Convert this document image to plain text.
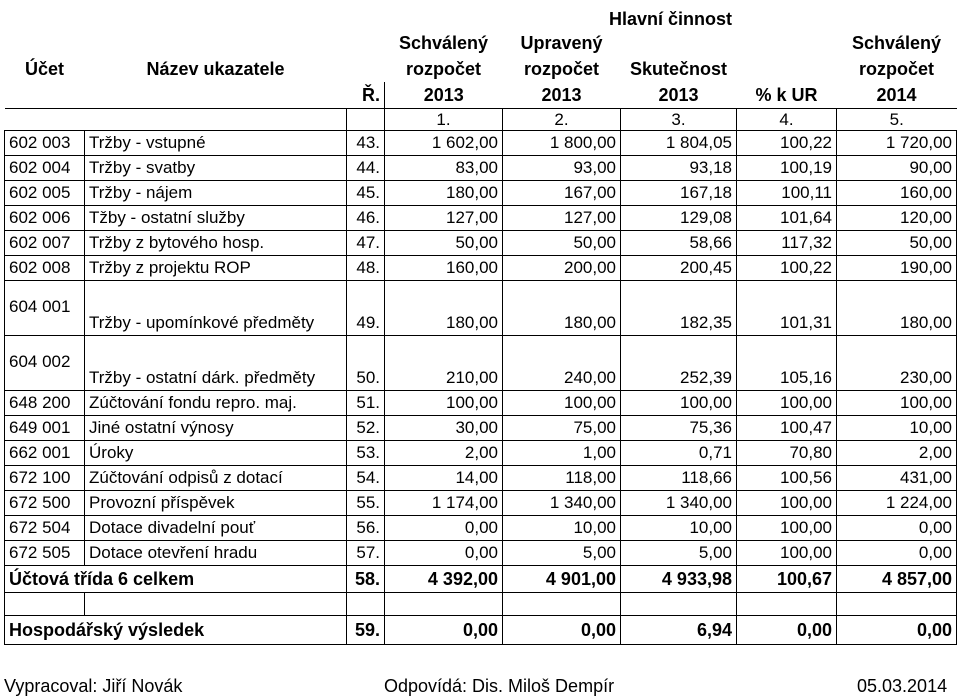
			Hlavní činnost				
Účet	Název ukazatele		Schválený	Upravený			Schválený
			rozpočet	rozpočet	Skutečnost		rozpočet
		Ř.	2013	2013	2013	% k UR	2014
			1.	2.	3.	4.	5.
602 003	Tržby - vstupné	43.	1 602,00	1 800,00	1 804,05	100,22	1 720,00
602 004	Tržby - svatby	44.	83,00	93,00	93,18	100,19	90,00
602 005	Tržby - nájem	45.	180,00	167,00	167,18	100,11	160,00
602 006	Tžby - ostatní služby	46.	127,00	127,00	129,08	101,64	120,00
602 007	Tržby z bytového hosp.	47.	50,00	50,00	58,66	117,32	50,00
602 008	Tržby z projektu ROP	48.	160,00	200,00	200,45	100,22	190,00
604 001	Tržby - upomínkové předměty	49.	180,00	180,00	182,35	101,31	180,00
604 002	Tržby - ostatní dárk. předměty	50.	210,00	240,00	252,39	105,16	230,00
648 200	Zúčtování fondu repro. maj.	51.	100,00	100,00	100,00	100,00	100,00
649 001	Jiné ostatní výnosy	52.	30,00	75,00	75,36	100,47	10,00
662 001	Úroky	53.	2,00	1,00	0,71	70,80	2,00
672 100	Zúčtování odpisů z dotací	54.	14,00	118,00	118,66	100,56	431,00
672 500	Provozní příspěvek	55.	1 174,00	1 340,00	1 340,00	100,00	1 224,00
672 504	Dotace divadelní pouť	56.	0,00	10,00	10,00	100,00	0,00
672 505	Dotace otevření hradu	57.	0,00	5,00	5,00	100,00	0,00
Účtová třída 6 celkem		58.	4 392,00	4 901,00	4 933,98	100,67	4 857,00

Hospodářský výsledek		59.	0,00	0,00	6,94	0,00	0,00
Vypracoval: Jiří Novák	Odpovídá: Dis. Miloš Dempír	05.03.2014
